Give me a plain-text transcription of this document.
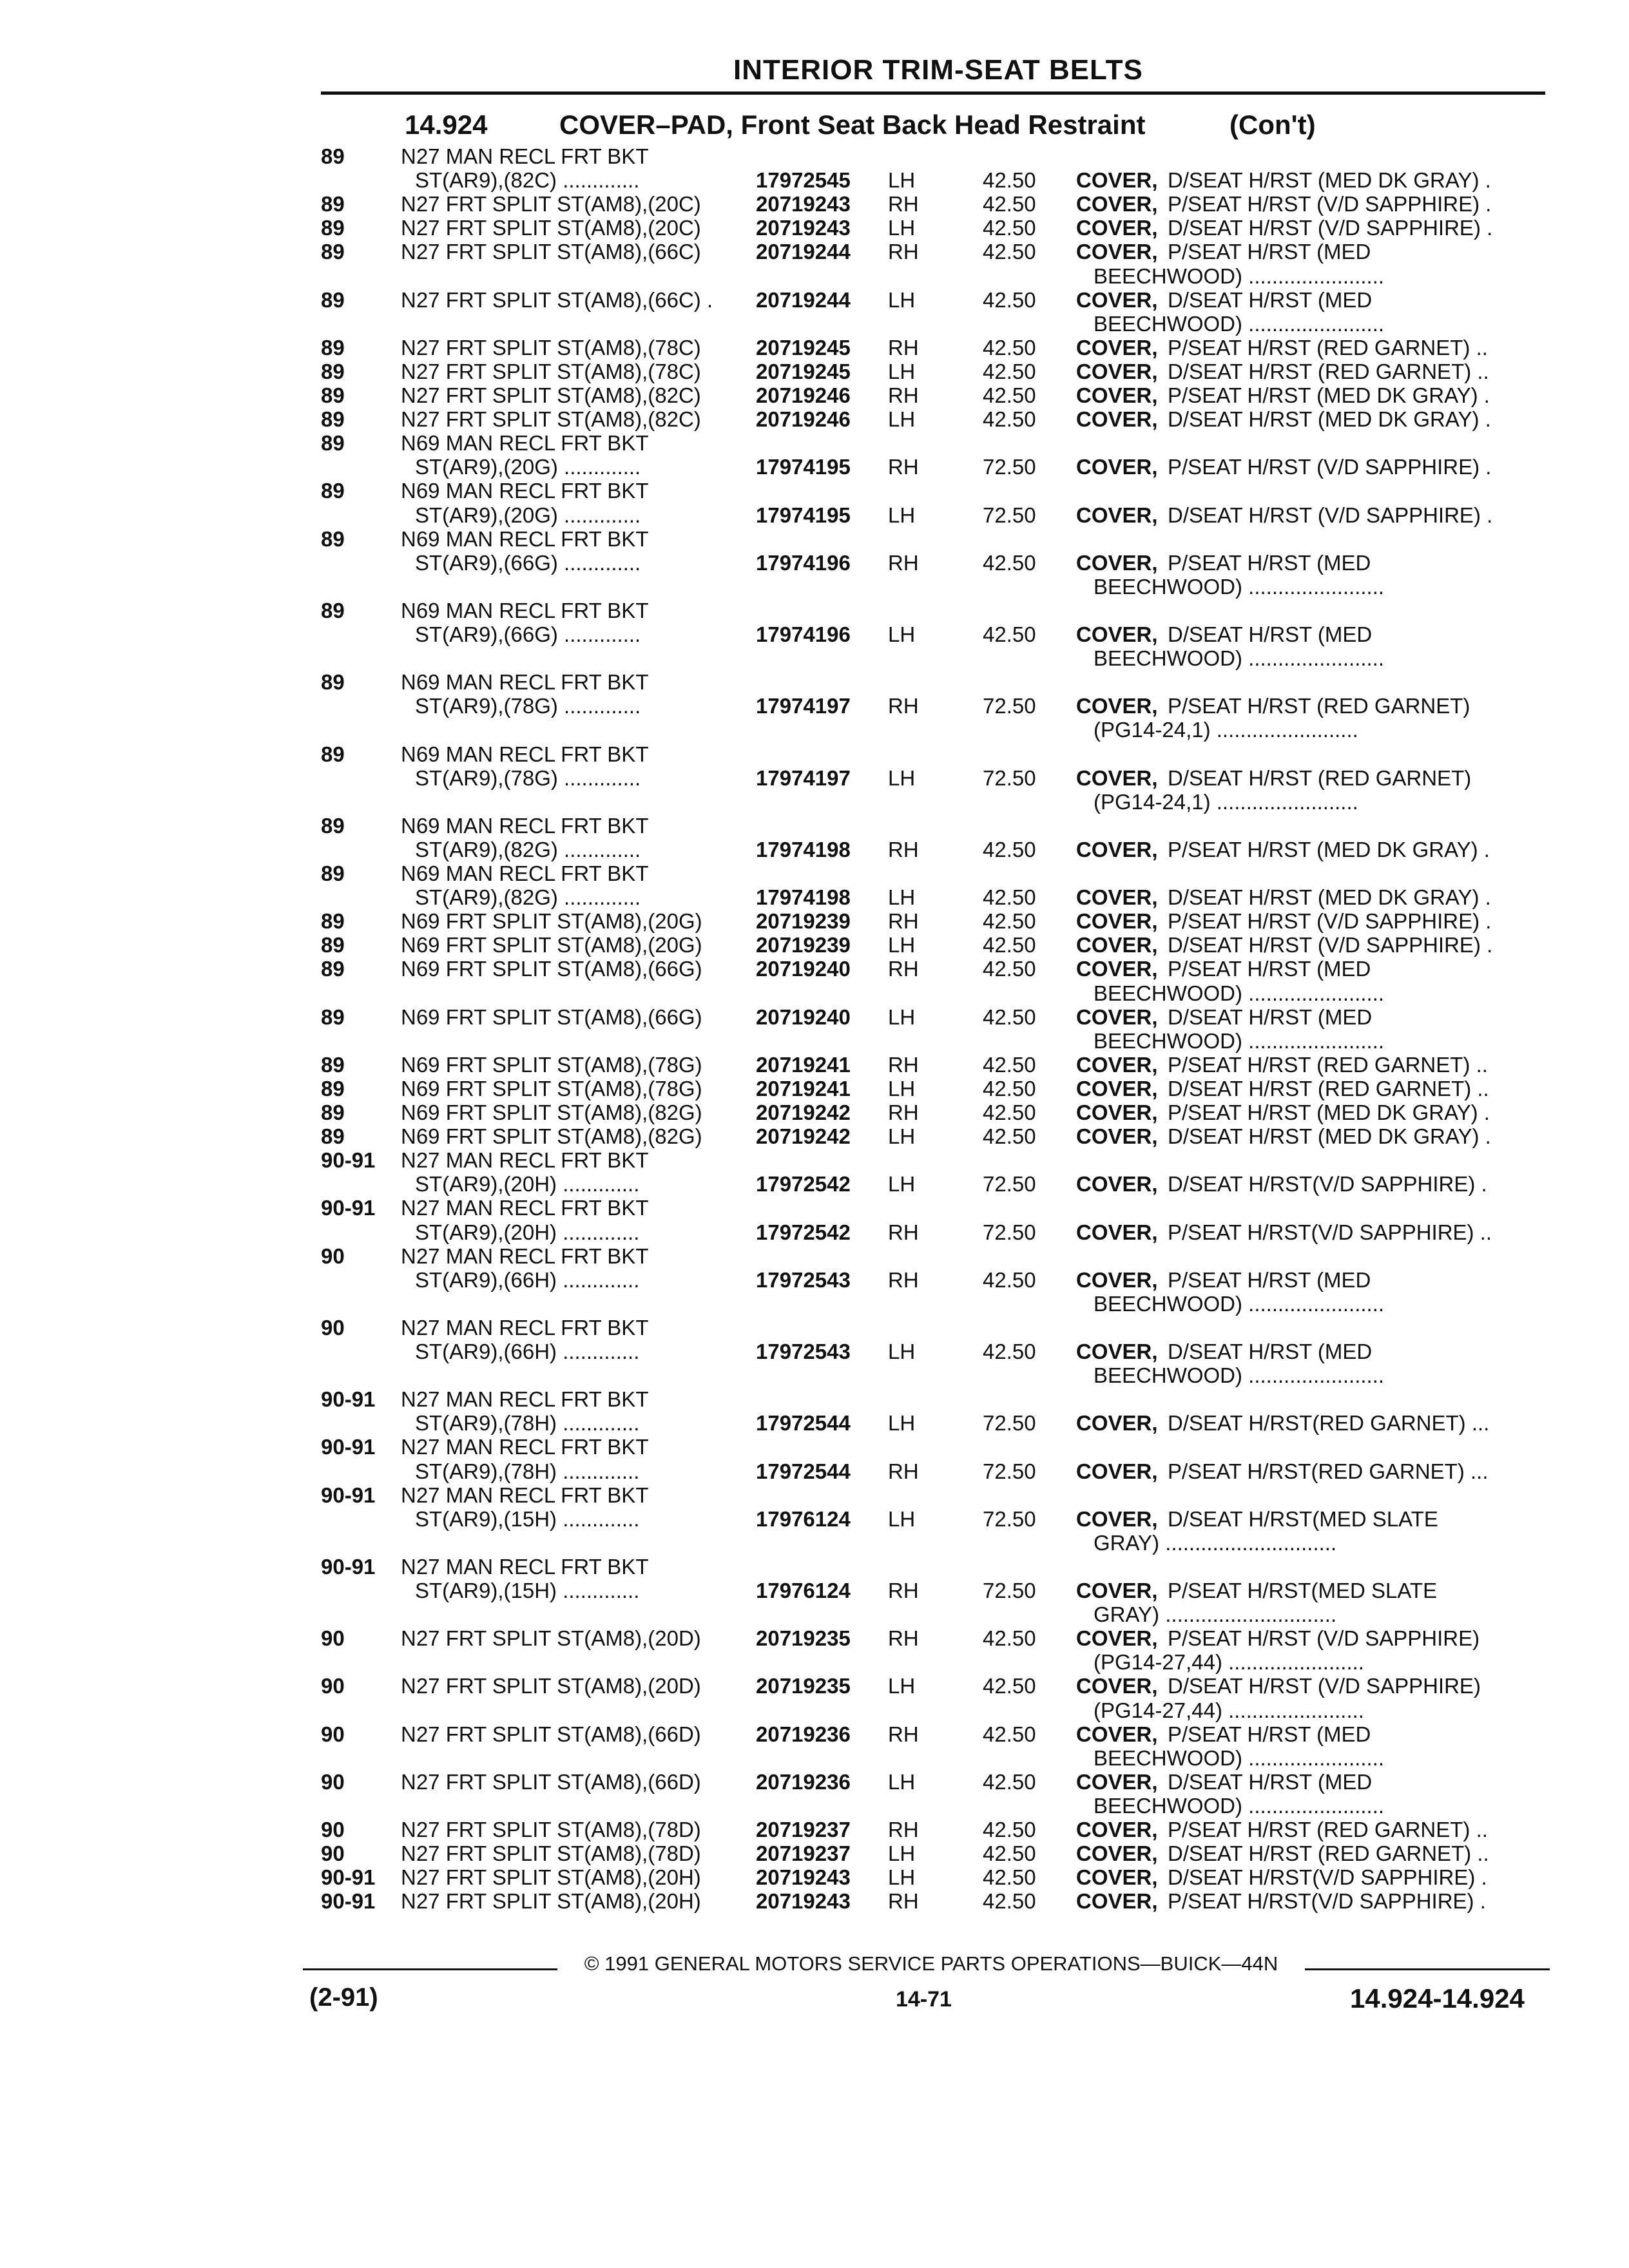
INTERIOR TRIM-SEAT BELTS
14.924	COVER–PAD, Front Seat Back Head Restraint	(Con't)
89	N27 MAN RECL FRT BKT
ST(AR9),(82C) .............	17972545 LH	42.50 COVER, D/SEAT H/RST (MED DK GRAY) .
89	N27 FRT SPLIT ST(AM8),(20C)	20719243 RH	42.50 COVER, P/SEAT H/RST (V/D SAPPHIRE) .
89	N27 FRT SPLIT ST(AM8),(20C)	20719243 LH	42.50 COVER, D/SEAT H/RST (V/D SAPPHIRE) .
89	N27 FRT SPLIT ST(AM8),(66C)	20719244 RH	42.50 COVER, P/SEAT H/RST (MED
BEECHWOOD) .......................
89	N27 FRT SPLIT ST(AM8),(66C) . 20719244 LH	42.50 COVER, D/SEAT H/RST (MED
BEECHWOOD) .......................
89	N27 FRT SPLIT ST(AM8),(78C)	20719245 RH	42.50 COVER, P/SEAT H/RST (RED GARNET) ..
89	N27 FRT SPLIT ST(AM8),(78C)	20719245 LH	42.50 COVER, D/SEAT H/RST (RED GARNET) ..
89	N27 FRT SPLIT ST(AM8),(82C)	20719246 RH	42.50 COVER, P/SEAT H/RST (MED DK GRAY) .
89	N27 FRT SPLIT ST(AM8),(82C)	20719246 LH	42.50 COVER, D/SEAT H/RST (MED DK GRAY) .
89	N69 MAN RECL FRT BKT
ST(AR9),(20G) .............	17974195 RH	72.50 COVER, P/SEAT H/RST (V/D SAPPHIRE) .
89	N69 MAN RECL FRT BKT
ST(AR9),(20G) .............	17974195 LH	72.50 COVER, D/SEAT H/RST (V/D SAPPHIRE) .
89	N69 MAN RECL FRT BKT
ST(AR9),(66G) .............	17974196 RH	42.50 COVER, P/SEAT H/RST (MED
BEECHWOOD) .......................
89	N69 MAN RECL FRT BKT
ST(AR9),(66G) .............	17974196 LH	42.50 COVER, D/SEAT H/RST (MED
BEECHWOOD) .......................
89	N69 MAN RECL FRT BKT
ST(AR9),(78G) .............	17974197 RH	72.50 COVER, P/SEAT H/RST (RED GARNET)
(PG14-24,1) ........................
89	N69 MAN RECL FRT BKT
ST(AR9),(78G) .............	17974197 LH	72.50 COVER, D/SEAT H/RST (RED GARNET)
(PG14-24,1) ........................
89	N69 MAN RECL FRT BKT
ST(AR9),(82G) .............	17974198 RH	42.50 COVER, P/SEAT H/RST (MED DK GRAY) .
89	N69 MAN RECL FRT BKT
ST(AR9),(82G) .............	17974198 LH	42.50 COVER, D/SEAT H/RST (MED DK GRAY) .
89	N69 FRT SPLIT ST(AM8),(20G)	20719239 RH	42.50 COVER, P/SEAT H/RST (V/D SAPPHIRE) .
89	N69 FRT SPLIT ST(AM8),(20G)	20719239 LH	42.50 COVER, D/SEAT H/RST (V/D SAPPHIRE) .
89	N69 FRT SPLIT ST(AM8),(66G)	20719240 RH	42.50 COVER, P/SEAT H/RST (MED
BEECHWOOD) .......................
89	N69 FRT SPLIT ST(AM8),(66G)	20719240 LH	42.50 COVER, D/SEAT H/RST (MED
BEECHWOOD) .......................
89	N69 FRT SPLIT ST(AM8),(78G)	20719241 RH	42.50 COVER, P/SEAT H/RST (RED GARNET) ..
89	N69 FRT SPLIT ST(AM8),(78G)	20719241 LH	42.50 COVER, D/SEAT H/RST (RED GARNET) ..
89	N69 FRT SPLIT ST(AM8),(82G)	20719242 RH	42.50 COVER, P/SEAT H/RST (MED DK GRAY) .
89	N69 FRT SPLIT ST(AM8),(82G)	20719242 LH	42.50 COVER, D/SEAT H/RST (MED DK GRAY) .
90-91 N27 MAN RECL FRT BKT
ST(AR9),(20H) .............	17972542 LH	72.50 COVER, D/SEAT H/RST(V/D SAPPHIRE) .
90-91 N27 MAN RECL FRT BKT
ST(AR9),(20H) .............	17972542 RH	72.50 COVER, P/SEAT H/RST(V/D SAPPHIRE) ..
90	N27 MAN RECL FRT BKT
ST(AR9),(66H) .............	17972543 RH	42.50 COVER, P/SEAT H/RST (MED
BEECHWOOD) .......................
90	N27 MAN RECL FRT BKT
ST(AR9),(66H) .............	17972543 LH	42.50 COVER, D/SEAT H/RST (MED
BEECHWOOD) .......................
90-91 N27 MAN RECL FRT BKT
ST(AR9),(78H) .............	17972544 LH	72.50 COVER, D/SEAT H/RST(RED GARNET) ...
90-91 N27 MAN RECL FRT BKT
ST(AR9),(78H) .............	17972544 RH	72.50 COVER, P/SEAT H/RST(RED GARNET) ...
90-91 N27 MAN RECL FRT BKT
ST(AR9),(15H) .............	17976124 LH	72.50 COVER, D/SEAT H/RST(MED SLATE
GRAY) .............................
90-91 N27 MAN RECL FRT BKT
ST(AR9),(15H) .............	17976124 RH	72.50 COVER, P/SEAT H/RST(MED SLATE
GRAY) .............................
90	N27 FRT SPLIT ST(AM8),(20D)	20719235 RH	42.50 COVER, P/SEAT H/RST (V/D SAPPHIRE)
(PG14-27,44) .......................
90	N27 FRT SPLIT ST(AM8),(20D)	20719235 LH	42.50 COVER, D/SEAT H/RST (V/D SAPPHIRE)
(PG14-27,44) .......................
90	N27 FRT SPLIT ST(AM8),(66D)	20719236 RH	42.50 COVER, P/SEAT H/RST (MED
BEECHWOOD) .......................
90	N27 FRT SPLIT ST(AM8),(66D)	20719236 LH	42.50 COVER, D/SEAT H/RST (MED
BEECHWOOD) .......................
90	N27 FRT SPLIT ST(AM8),(78D)	20719237 RH	42.50 COVER, P/SEAT H/RST (RED GARNET) ..
90	N27 FRT SPLIT ST(AM8),(78D)	20719237 LH	42.50 COVER, D/SEAT H/RST (RED GARNET) ..
90-91 N27 FRT SPLIT ST(AM8),(20H)	20719243 LH	42.50 COVER, D/SEAT H/RST(V/D SAPPHIRE) .
90-91 N27 FRT SPLIT ST(AM8),(20H)	20719243 RH	42.50 COVER, P/SEAT H/RST(V/D SAPPHIRE) .
© 1991 GENERAL MOTORS SERVICE PARTS OPERATIONS—BUICK—44N
(2-91)	14-71	14.924-14.924
